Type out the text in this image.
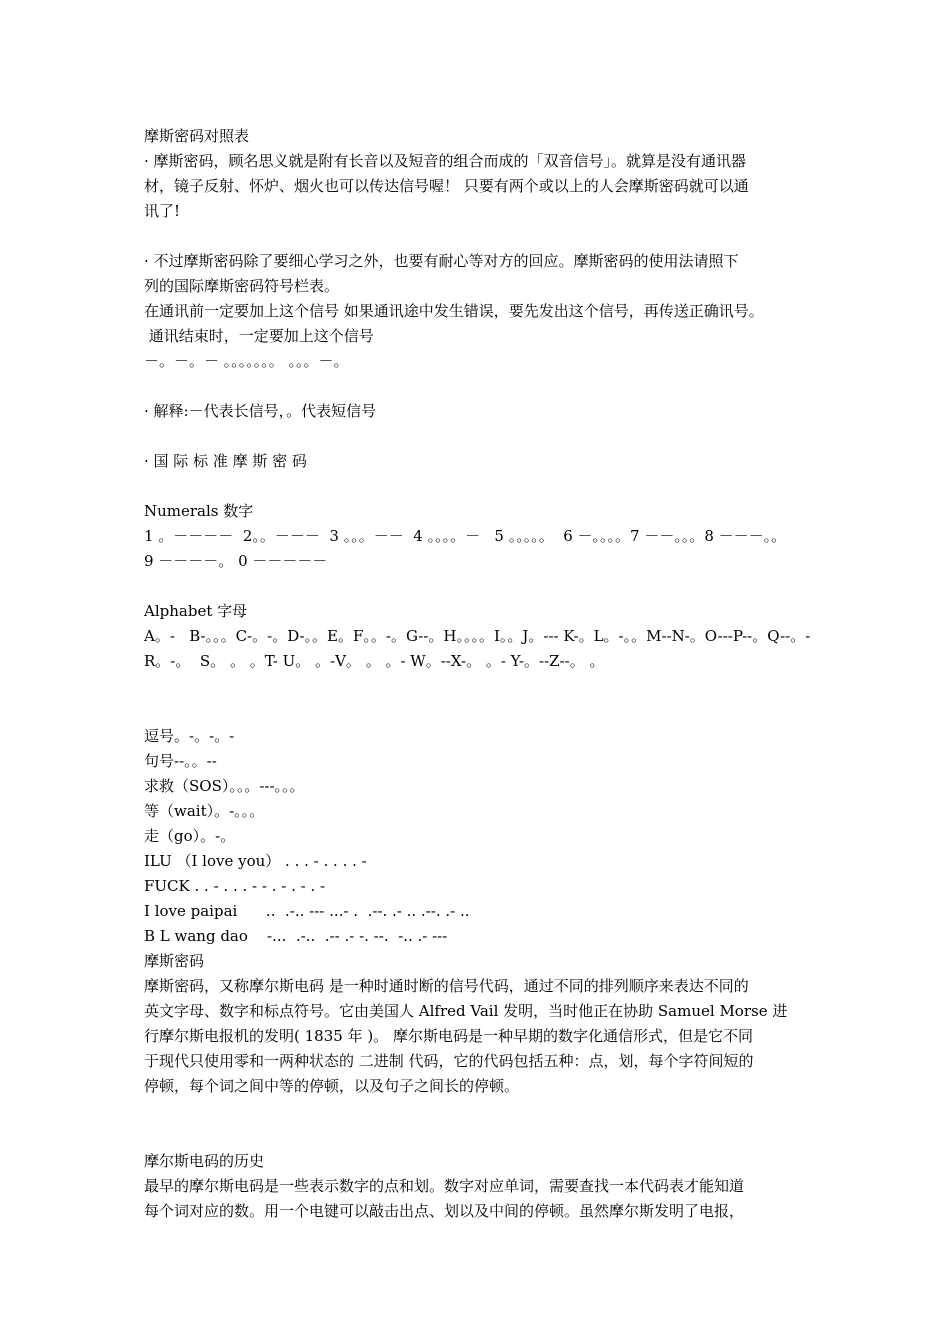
摩斯密码对照表
· 摩斯密码，顾名思义就是附有长音以及短音的组合而成的「双音信号」。就算是没有通讯器
材，镜子反射、怀炉、烟火也可以传达信号喔！ 只要有两个或以上的人会摩斯密码就可以通
讯了!
· 不过摩斯密码除了要细心学习之外，也要有耐心等对方的回应。摩斯密码的使用法请照下
列的国际摩斯密码符号栏表。
在通讯前一定要加上这个信号 如果通讯途中发生错误，要先发出这个信号，再传送正确讯号。
通讯结束时，一定要加上这个信号
－。－。－ 。。。。。。。 。。。－。
· 解释:－代表长信号，。代表短信号
· 国 际 标 准 摩 斯 密 码
Numerals 数字
1 。－－－－  2。。－－－  3 。。。－－  4 。。。。－   5 。。。。。  6 －。。。。7 －－。。。8 －－－。。
9 －－－－。 0 －－－－－
Alphabet 字母
A。-   B-。。。C-。-。D-。。E。F。。-。G--。H。。。。I。。J。--- K-。L。-。。M--N-。O---P--。Q--。-
R。-。  S。 。 。T- U。 。-V。 。 。- W。--X-。 。- Y-。--Z--。 。
逗号。-。-。-
句号--。。--
求救（SOS）。。。---。。。
等（wait）。-。。。
走（go）。-。
ILU （I love you） . . . - . . . . -
FUCK . . - . . . - - . - . - . -
I love paipai      ..  .-.. --- ...- .  .--. .- .. .--. .- ..
B L wang dao    -...  .-..  .-- .- -. --.  -.. .- ---
摩斯密码
摩斯密码，又称摩尔斯电码 是一种时通时断的信号代码，通过不同的排列顺序来表达不同的
英文字母、数字和标点符号。它由美国人 Alfred Vail 发明，当时他正在协助 Samuel Morse 进
行摩尔斯电报机的发明( 1835 年 )。 摩尔斯电码是一种早期的数字化通信形式，但是它不同
于现代只使用零和一两种状态的 二进制 代码，它的代码包括五种：点，划，每个字符间短的
停顿，每个词之间中等的停顿，以及句子之间长的停顿。
摩尔斯电码的历史
最早的摩尔斯电码是一些表示数字的点和划。数字对应单词，需要查找一本代码表才能知道
每个词对应的数。用一个电键可以敲击出点、划以及中间的停顿。虽然摩尔斯发明了电报，
